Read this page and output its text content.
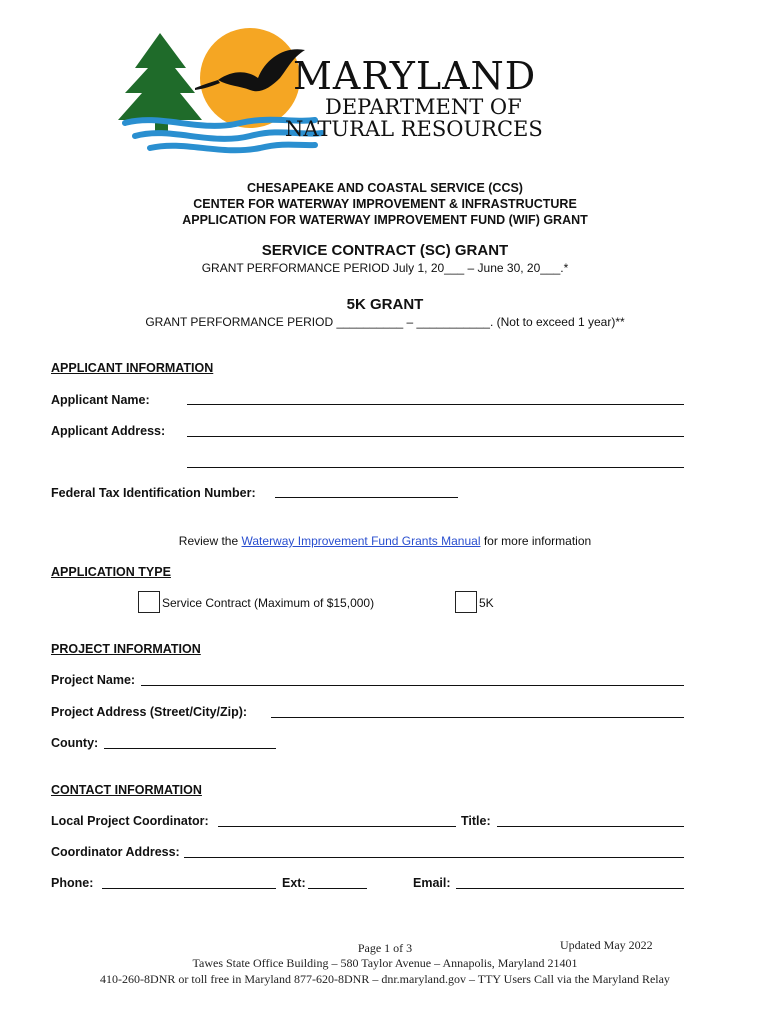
MARYLAND
DEPARTMENT OF
NATURAL RESOURCES
CHESAPEAKE AND COASTAL SERVICE (CCS)
CENTER FOR WATERWAY IMPROVEMENT & INFRASTRUCTURE
APPLICATION FOR WATERWAY IMPROVEMENT FUND (WIF) GRANT
SERVICE CONTRACT (SC) GRANT
GRANT PERFORMANCE PERIOD July 1, 20___ – June 30, 20___.*
5K GRANT
GRANT PERFORMANCE PERIOD __________ – ___________. (Not to exceed 1 year)**
APPLICANT INFORMATION
Applicant Name:
Applicant Address:
Federal Tax Identification Number:
Review the Waterway Improvement Fund Grants Manual for more information
APPLICATION TYPE
Service Contract (Maximum of $15,000)	5K
PROJECT INFORMATION
Project Name:
Project Address (Street/City/Zip):
County:
CONTACT INFORMATION
Local Project Coordinator:	Title:
Coordinator Address:
Phone:	Ext:	Email:
Updated May 2022
Page 1 of 3
Tawes State Office Building – 580 Taylor Avenue – Annapolis, Maryland 21401
410-260-8DNR or toll free in Maryland 877-620-8DNR – dnr.maryland.gov – TTY Users Call via the Maryland Relay
